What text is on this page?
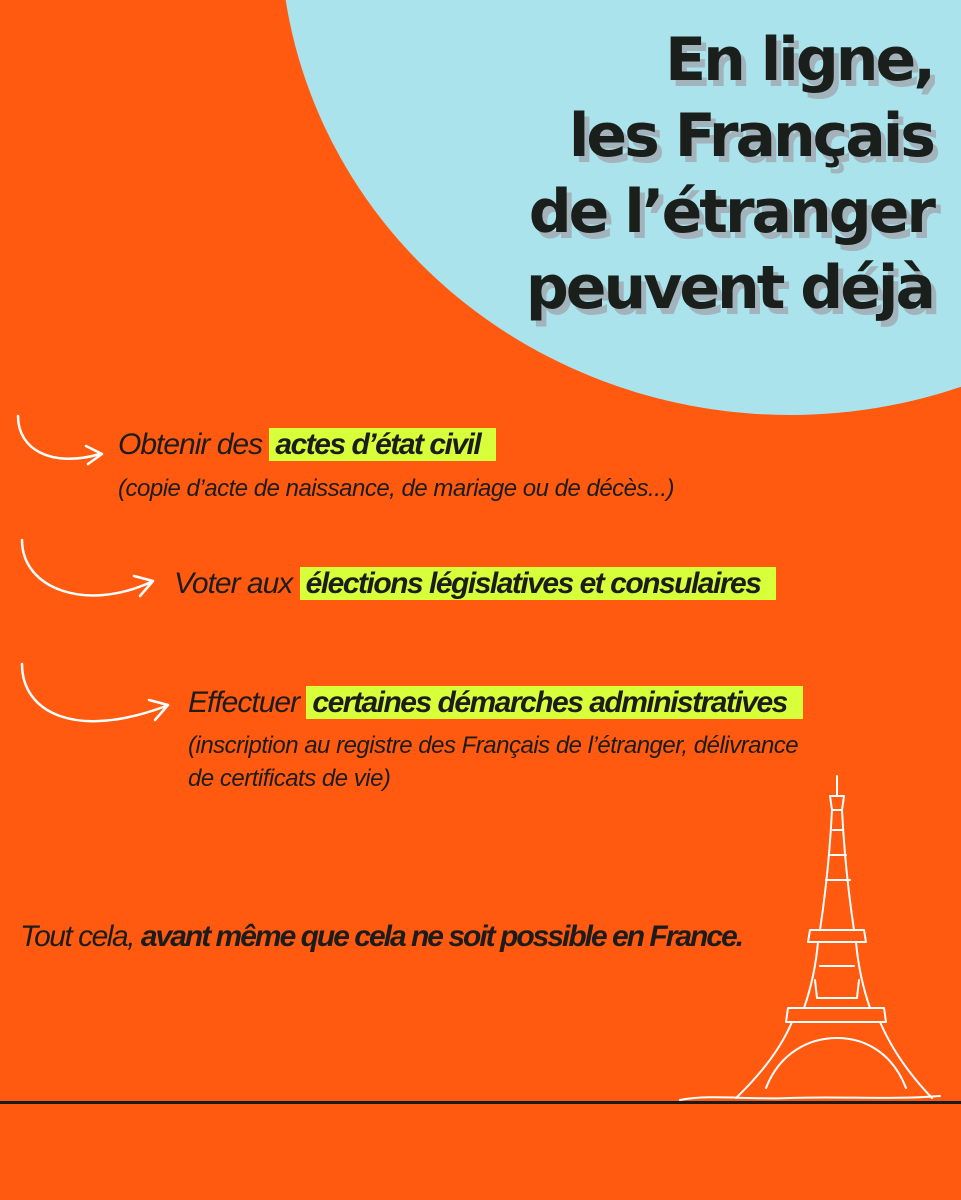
En ligne,
les Français
de l’étranger
peuvent déjà
Obtenir des actes d’état civil
(copie d’acte de naissance, de mariage ou de décès...)
Voter aux élections législatives et consulaires
Effectuer certaines démarches administratives
(inscription au registre des Français de l’étranger, délivrance
de certificats de vie)
Tout cela, avant même que cela ne soit possible en France.
